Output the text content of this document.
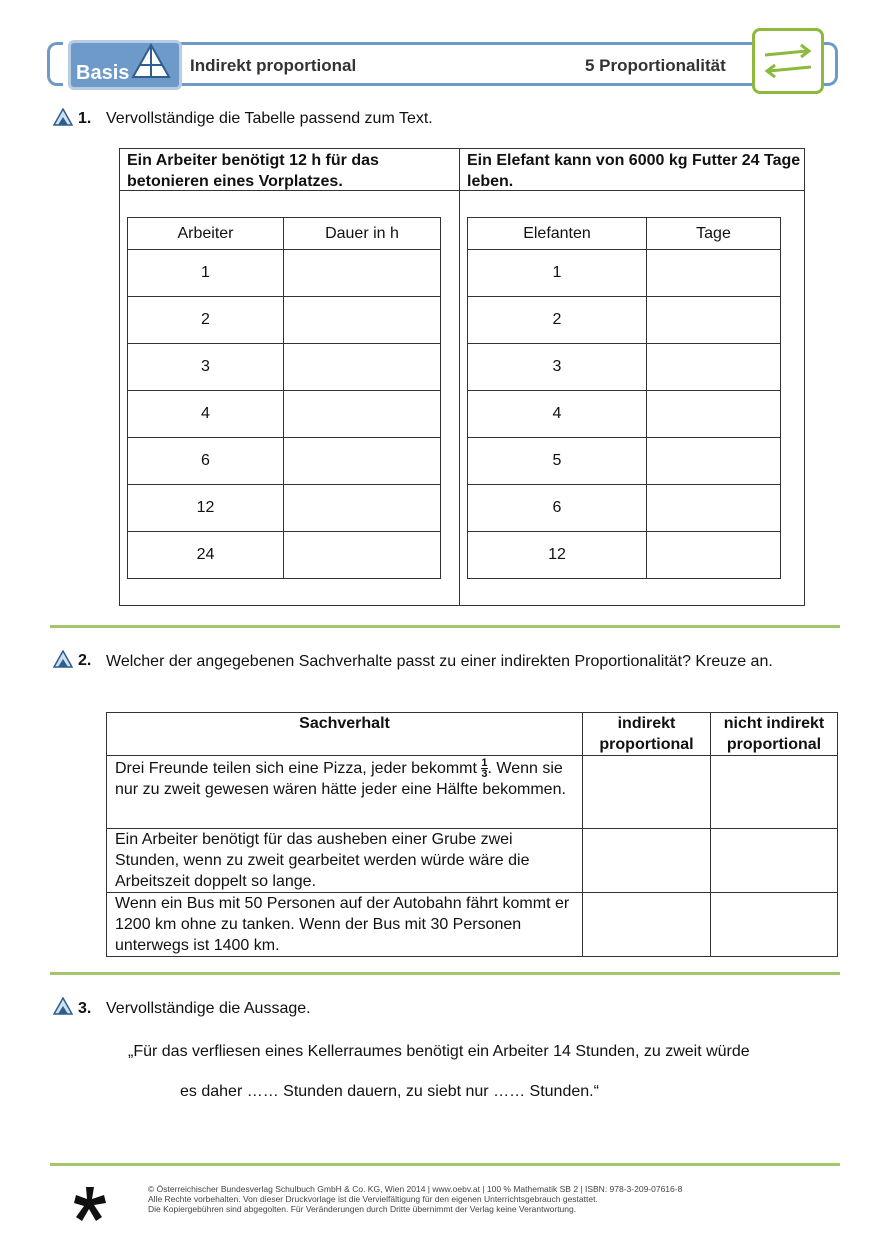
Basis	Indirekt proportional	5 Proportionalität
1. Vervollständige die Tabelle passend zum Text.
Ein Arbeiter benötigt 12 h für das betonieren eines Vorplatzes.
Ein Elefant kann von 6000 kg Futter 24 Tage leben.
Arbeiter	Dauer in h
1	
2	
3	
4	
6	
12	
24	
Elefanten	Tage
1	
2	
3	
4	
5	
6	
12	
2. Welcher der angegebenen Sachverhalte passt zu einer indirekten Proportionalität? Kreuze an.
Sachverhalt	indirekt proportional	nicht indirekt proportional
Drei Freunde teilen sich eine Pizza, jeder bekommt $\frac{1}{3}$ . Wenn sie nur zu zweit gewesen wären hätte jeder eine Hälfte bekommen.		
Ein Arbeiter benötigt für das ausheben einer Grube zwei Stunden, wenn zu zweit gearbeitet werden würde wäre die Arbeitszeit doppelt so lange.		
Wenn ein Bus mit 50 Personen auf der Autobahn fährt kommt er 1200 km ohne zu tanken. Wenn der Bus mit 30 Personen unterwegs ist 1400 km.		
3. Vervollständige die Aussage.
„Für das verfliesen eines Kellerraumes benötigt ein Arbeiter 14 Stunden, zu zweit würde
es daher …… Stunden dauern, zu siebt nur …… Stunden.“
© Österreichischer Bundesverlag Schulbuch GmbH & Co. KG, Wien 2014 | www.oebv.at | 100 % Mathematik SB 2 | ISBN: 978-3-209-07616-8
Alle Rechte vorbehalten. Von dieser Druckvorlage ist die Vervielfältigung für den eigenen Unterrichtsgebrauch gestattet.
Die Kopiergebühren sind abgegolten. Für Veränderungen durch Dritte übernimmt der Verlag keine Verantwortung.
